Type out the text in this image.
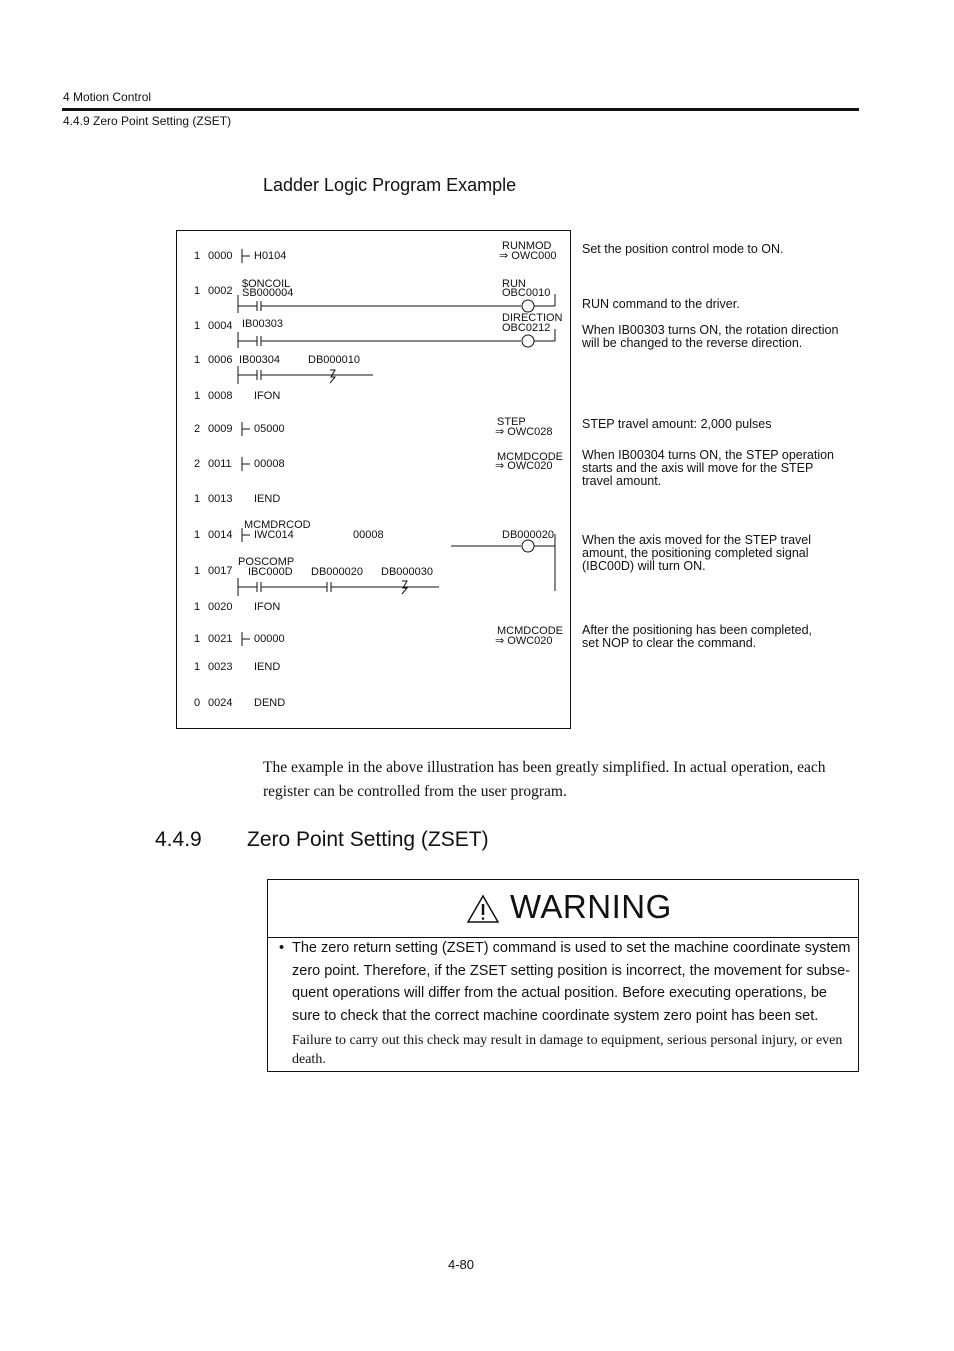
4 Motion Control
4.4.9 Zero Point Setting (ZSET)
Ladder Logic Program Example
1 0000
1 0002
1 0004
1 0006
1 0008
2 0009
2 0011
1 0013
1 0014
1 0017
1 0020
1 0021
1 0023
0 0024
H0104
$ONCOIL
SB000004
IB00303
IB00304	DB000010
IFON
05000
00008
IEND
MCMDRCOD
IWC014	00008
POSCOMP
IBC000D DB000020 DB000030
IFON
00000
IEND
DEND
RUNMOD
⇒ OWC000
RUN
OBC0010
DIRECTION
OBC0212
STEP
⇒ OWC028
MCMDCODE
⇒ OWC020
DB000020
MCMDCODE
⇒ OWC020
Set the position control mode to ON.
RUN command to the driver.
When IB00303 turns ON, the rotation direction
will be changed to the reverse direction.
STEP travel amount: 2,000 pulses
When IB00304 turns ON, the STEP operation
starts and the axis will move for the STEP
travel amount.
When the axis moved for the STEP travel
amount, the positioning completed signal
(IBC00D) will turn ON.
After the positioning has been completed,
set NOP to clear the command.
The example in the above illustration has been greatly simplified. In actual operation, each register can be controlled from the user program.
4.4.9 Zero Point Setting (ZSET)
WARNING
• The zero return setting (ZSET) command is used to set the machine coordinate system zero point. Therefore, if the ZSET setting position is incorrect, the movement for subse-quent operations will differ from the actual position. Before executing operations, be sure to check that the correct machine coordinate system zero point has been set.
Failure to carry out this check may result in damage to equipment, serious personal injury, or even death.
4-80
